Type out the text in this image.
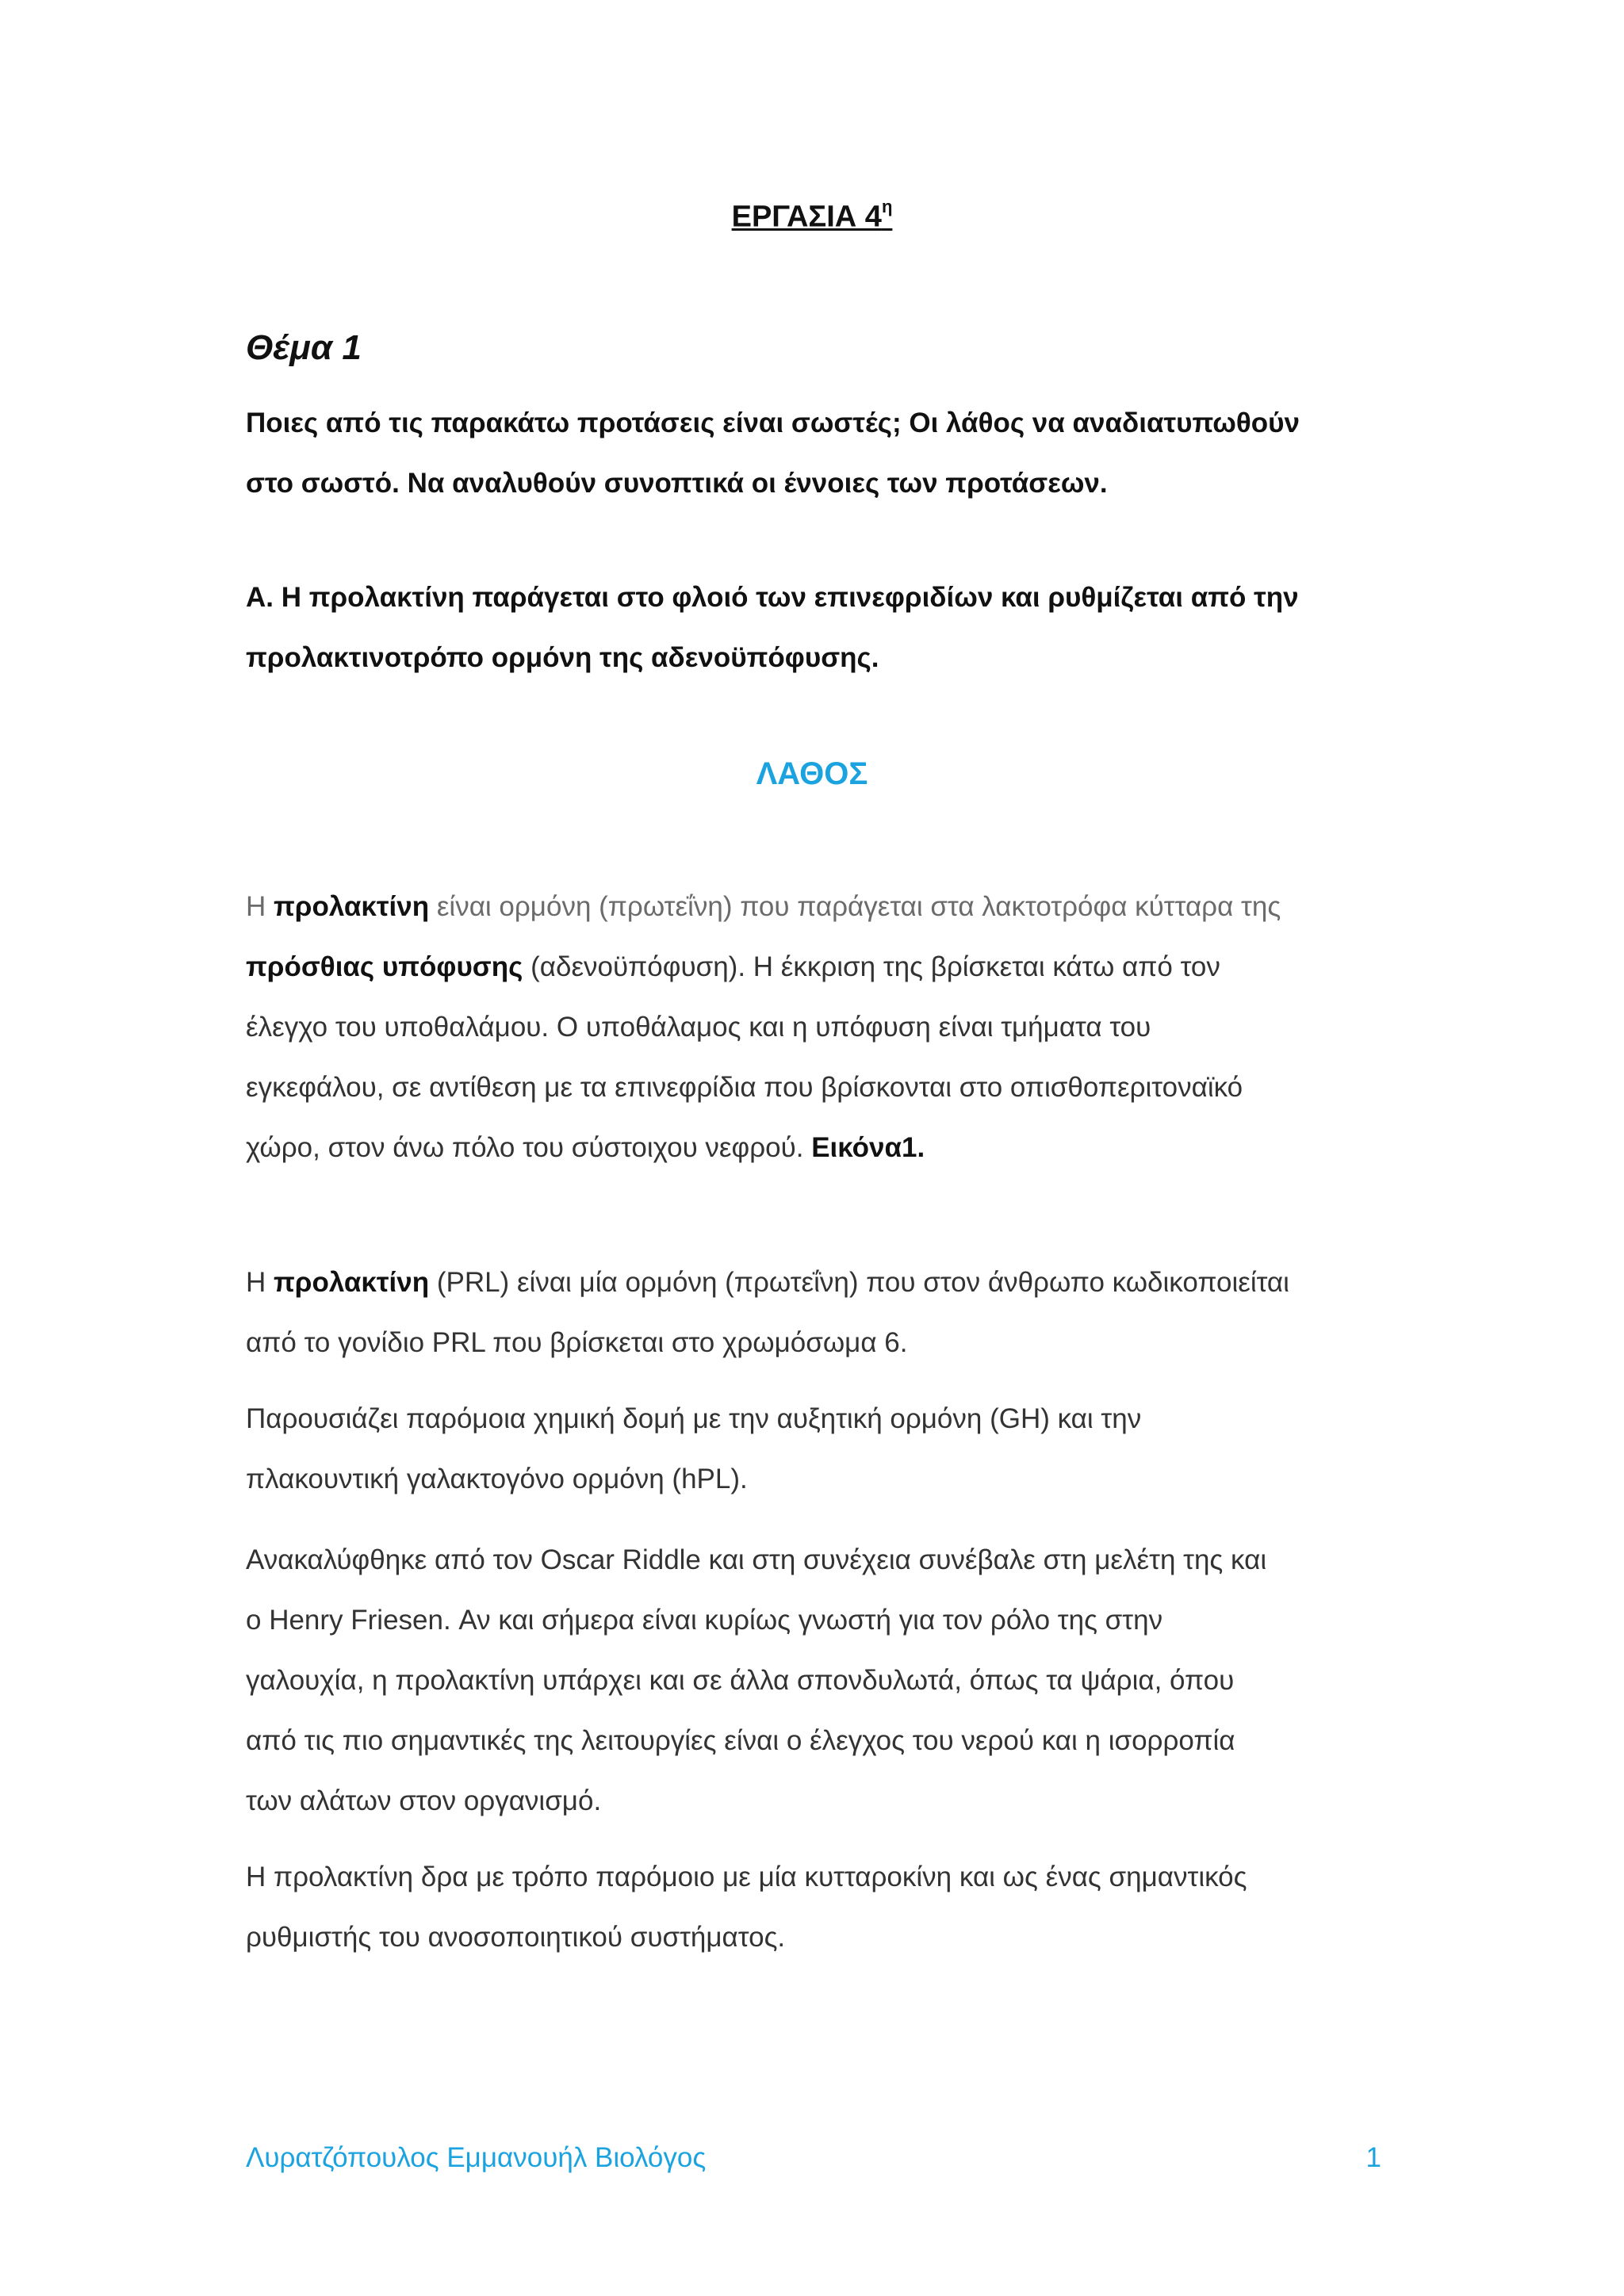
ΕΡΓΑΣΙΑ $4^\eta$
Θέμα 1
Ποιες από τις παρακάτω προτάσεις είναι σωστές; Οι λάθος να αναδιατυπωθούν
στο σωστό. Να αναλυθούν συνοπτικά οι έννοιες των προτάσεων.
Α. Η προλακτίνη παράγεται στο φλοιό των επινεφριδίων και ρυθμίζεται από την
προλακτινοτρόπο ορμόνη της αδενοϋπόφυσης.
ΛΑΘΟΣ
Η προλακτίνη είναι ορμόνη (πρωτεΐνη) που παράγεται στα λακτοτρόφα κύτταρα της
πρόσθιας υπόφυσης (αδενοϋπόφυση). Η έκκριση της βρίσκεται κάτω από τον
έλεγχο του υποθαλάμου. Ο υποθάλαμος και η υπόφυση είναι τμήματα του
εγκεφάλου, σε αντίθεση με τα επινεφρίδια που βρίσκονται στο οπισθοπεριτοναϊκό
χώρο, στον άνω πόλο του σύστοιχου νεφρού. Εικόνα1.
Η προλακτίνη (PRL) είναι μία ορμόνη (πρωτεΐνη) που στον άνθρωπο κωδικοποιείται
από το γονίδιο PRL που βρίσκεται στο χρωμόσωμα 6.
Παρουσιάζει παρόμοια χημική δομή με την αυξητική ορμόνη (GH) και την
πλακουντική γαλακτογόνο ορμόνη (hPL).
Ανακαλύφθηκε από τον Oscar Riddle και στη συνέχεια συνέβαλε στη μελέτη της και
ο Henry Friesen. Αν και σήμερα είναι κυρίως γνωστή για τον ρόλο της στην
γαλουχία, η προλακτίνη υπάρχει και σε άλλα σπονδυλωτά, όπως τα ψάρια, όπου
από τις πιο σημαντικές της λειτουργίες είναι ο έλεγχος του νερού και η ισορροπία
των αλάτων στον οργανισμό.
Η προλακτίνη δρα με τρόπο παρόμοιο με μία κυτταροκίνη και ως ένας σημαντικός
ρυθμιστής του ανοσοποιητικού συστήματος.
Λυρατζόπουλος Εμμανουήλ Βιολόγος	1
